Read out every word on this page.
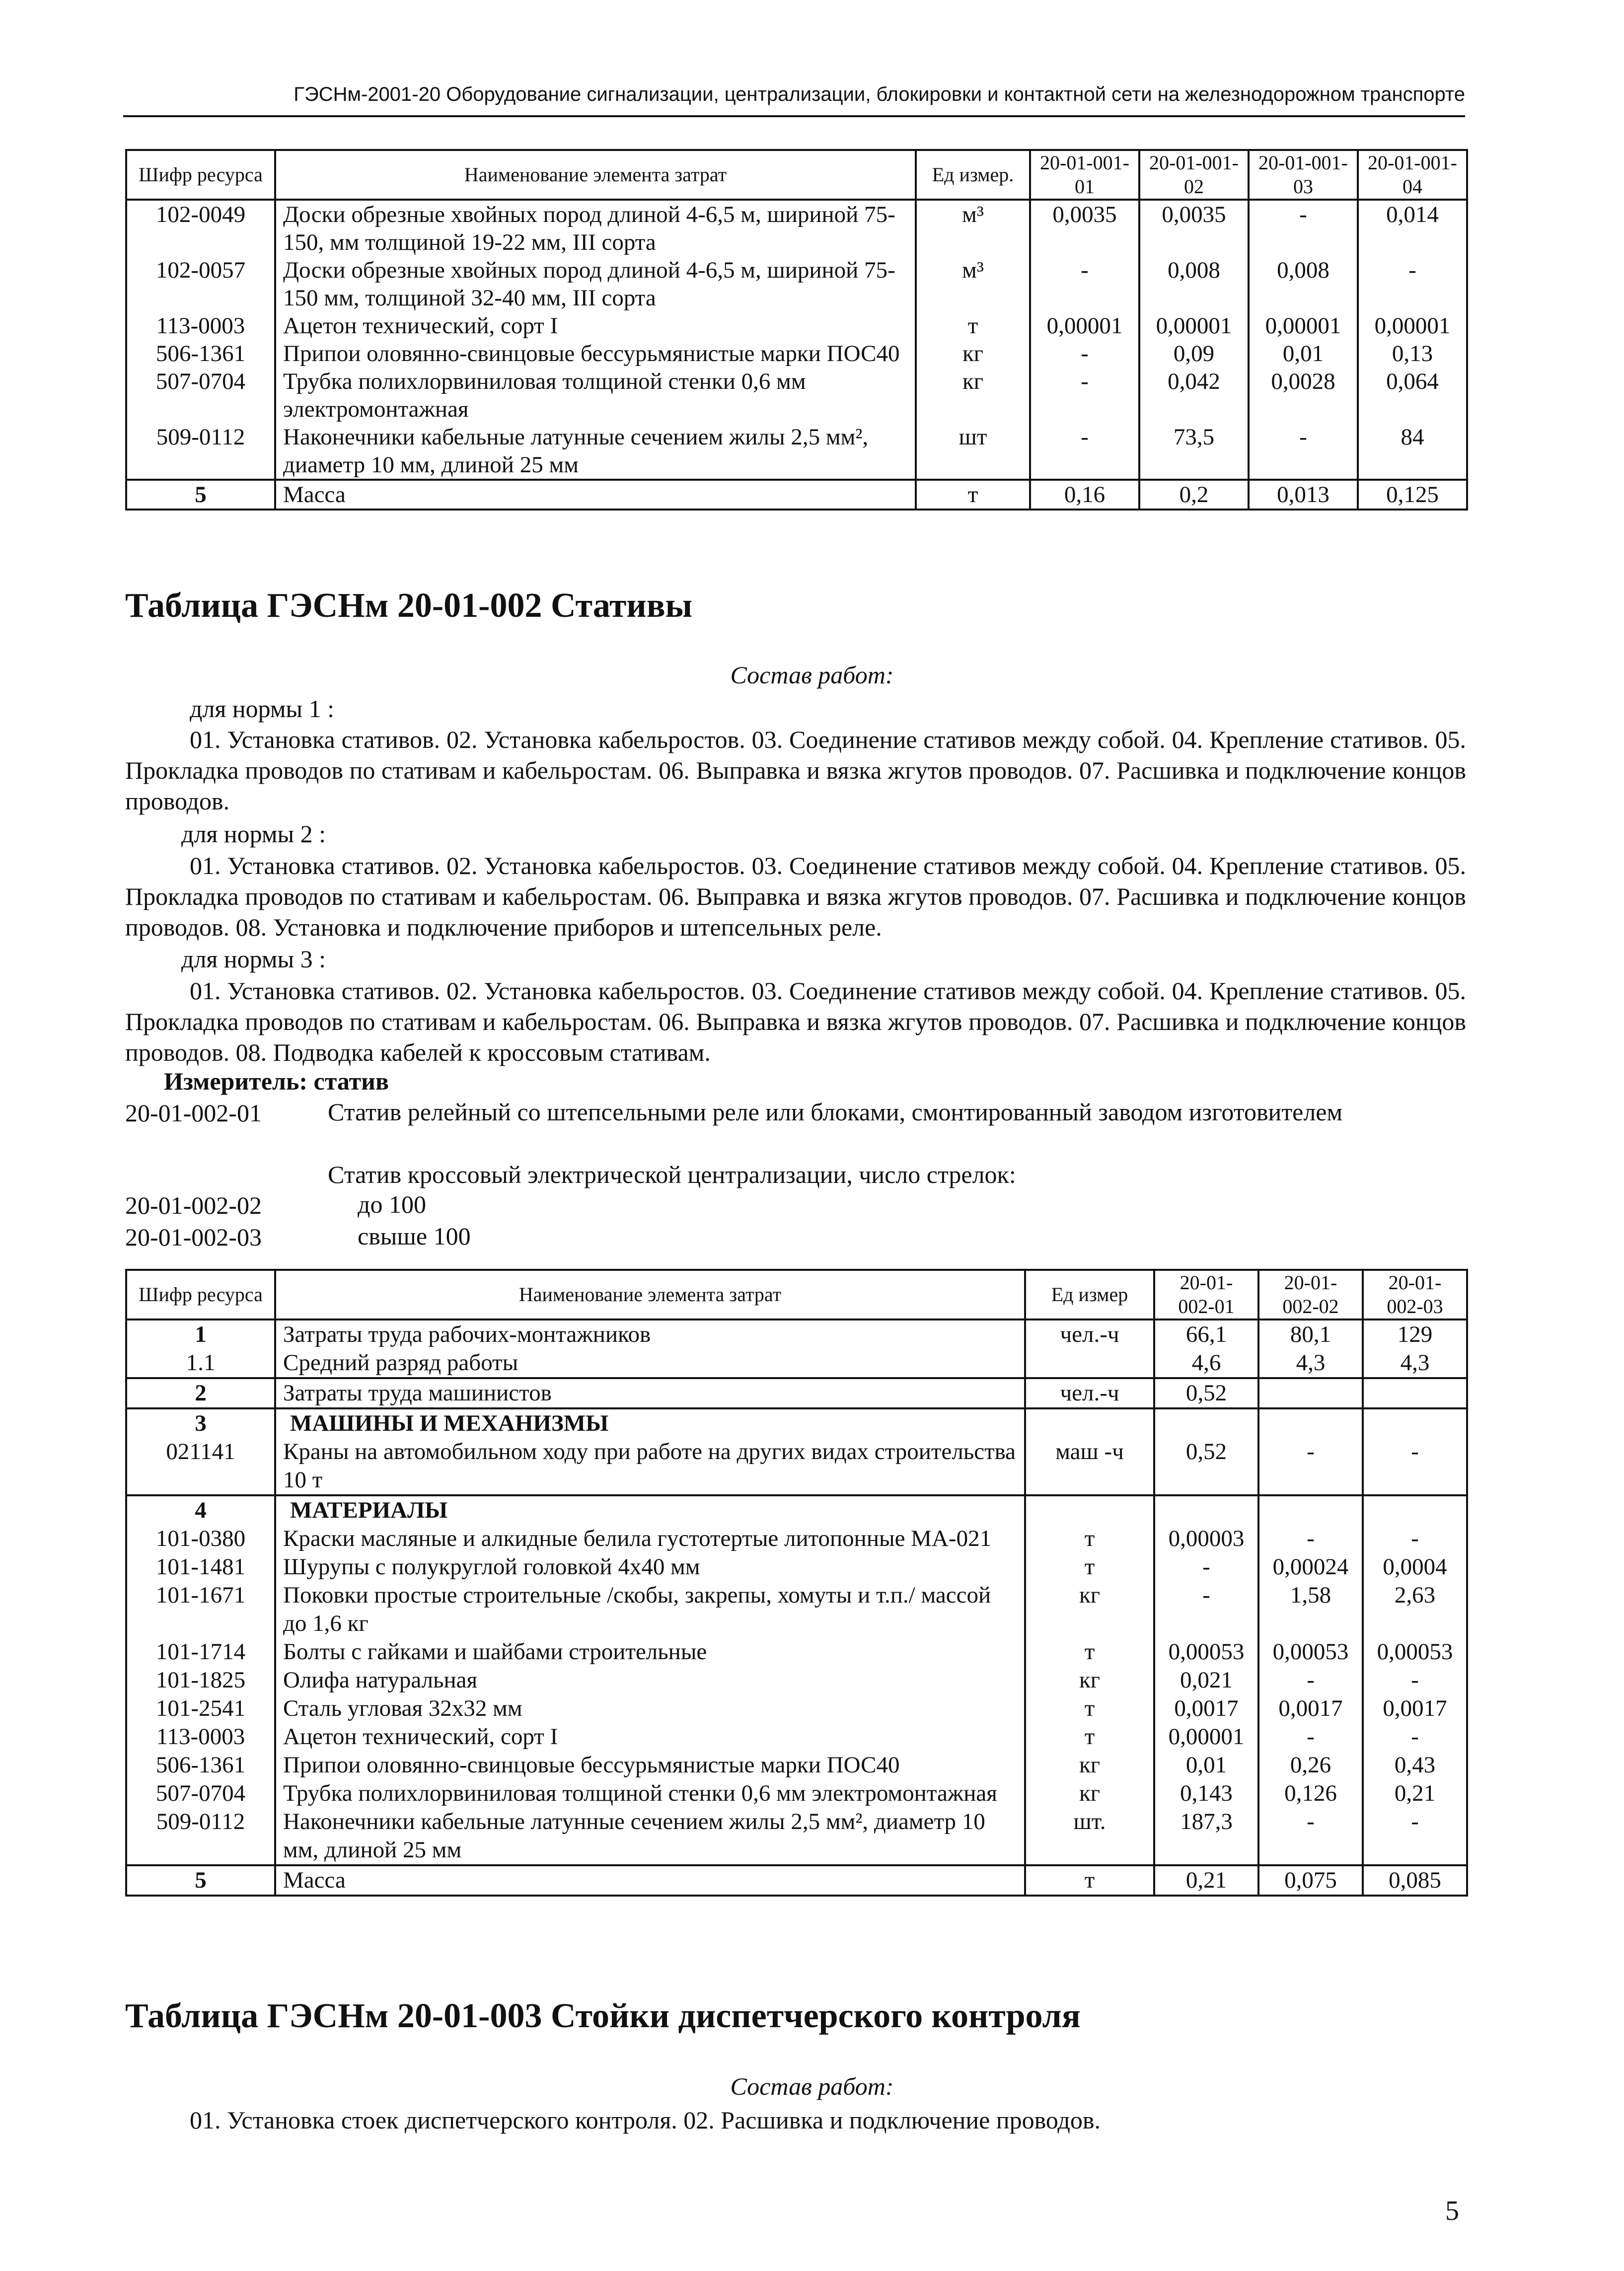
ГЭСНм-2001-20 Оборудование сигнализации, централизации, блокировки и контактной сети на железнодорожном транспорте
Шифр ресурса	Наименование элемента затрат	Ед измер.	20-01-001-01	20-01-001-02	20-01-001-03	20-01-001-04
102-0049	Доски обрезные хвойных пород длиной 4-6,5 м, шириной 75-150, мм толщиной 19-22 мм, III сорта	м³	0,0035	0,0035	-	0,014
102-0057	Доски обрезные хвойных пород длиной 4-6,5 м, шириной 75-150 мм, толщиной 32-40 мм, III сорта	м³	-	0,008	0,008	-
113-0003	Ацетон технический, сорт I	т	0,00001	0,00001	0,00001	0,00001
506-1361	Припои оловянно-свинцовые бессурьмянистые марки ПОС40	кг	-	0,09	0,01	0,13
507-0704	Трубка полихлорвиниловая толщиной стенки 0,6 мм электромонтажная	кг	-	0,042	0,0028	0,064
509-0112	Наконечники кабельные латунные сечением жилы 2,5 мм², диаметр 10 мм, длиной 25 мм	шт	-	73,5	-	84
5	Масса	т	0,16	0,2	0,013	0,125
Таблица ГЭСНм 20-01-002 Стативы
Состав работ:
для нормы 1 :
01. Установка стативов. 02. Установка кабельростов. 03. Соединение стативов между собой. 04. Крепление стативов. 05. Прокладка проводов по стативам и кабельростам. 06. Выправка и вязка жгутов проводов. 07. Расшивка и подключение концов проводов.
для нормы 2 :
01. Установка стативов. 02. Установка кабельростов. 03. Соединение стативов между собой. 04. Крепление стативов. 05. Прокладка проводов по стативам и кабельростам. 06. Выправка и вязка жгутов проводов. 07. Расшивка и подключение концов проводов. 08. Установка и подключение приборов и штепсельных реле.
для нормы 3 :
01. Установка стативов. 02. Установка кабельростов. 03. Соединение стативов между собой. 04. Крепление стативов. 05. Прокладка проводов по стативам и кабельростам. 06. Выправка и вязка жгутов проводов. 07. Расшивка и подключение концов проводов. 08. Подводка кабелей к кроссовым стативам.
Измеритель: статив
20-01-002-01	Статив релейный со штепсельными реле или блоками, смонтированный заводом изготовителем
Статив кроссовый электрической централизации, число стрелок:
20-01-002-02	до 100
20-01-002-03	свыше 100
Шифр ресурса	Наименование элемента затрат	Ед измер	20-01-002-01	20-01-002-02	20-01-002-03
1	Затраты труда рабочих-монтажников	чел.-ч	66,1	80,1	129
1.1	Средний разряд работы		4,6	4,3	4,3
2	Затраты труда машинистов	чел.-ч	0,52		
3	МАШИНЫ И МЕХАНИЗМЫ				
021141	Краны на автомобильном ходу при работе на других видах строительства 10 т	маш -ч	0,52	-	-
4	МАТЕРИАЛЫ				
101-0380	Краски масляные и алкидные белила густотертые литопонные МА-021	т	0,00003	-	-
101-1481	Шурупы с полукруглой головкой 4х40 мм	т	-	0,00024	0,0004
101-1671	Поковки простые строительные /скобы, закрепы, хомуты и т.п./ массой до 1,6 кг	кг	-	1,58	2,63
101-1714	Болты с гайками и шайбами строительные	т	0,00053	0,00053	0,00053
101-1825	Олифа натуральная	кг	0,021	-	-
101-2541	Сталь угловая 32х32 мм	т	0,0017	0,0017	0,0017
113-0003	Ацетон технический, сорт I	т	0,00001	-	-
506-1361	Припои оловянно-свинцовые бессурьмянистые марки ПОС40	кг	0,01	0,26	0,43
507-0704	Трубка полихлорвиниловая толщиной стенки 0,6 мм электромонтажная	кг	0,143	0,126	0,21
509-0112	Наконечники кабельные латунные сечением жилы 2,5 мм², диаметр 10 мм, длиной 25 мм	шт.	187,3	-	-
5	Масса	т	0,21	0,075	0,085
Таблица ГЭСНм 20-01-003 Стойки диспетчерского контроля
Состав работ:
01. Установка стоек диспетчерского контроля. 02. Расшивка и подключение проводов.
5
